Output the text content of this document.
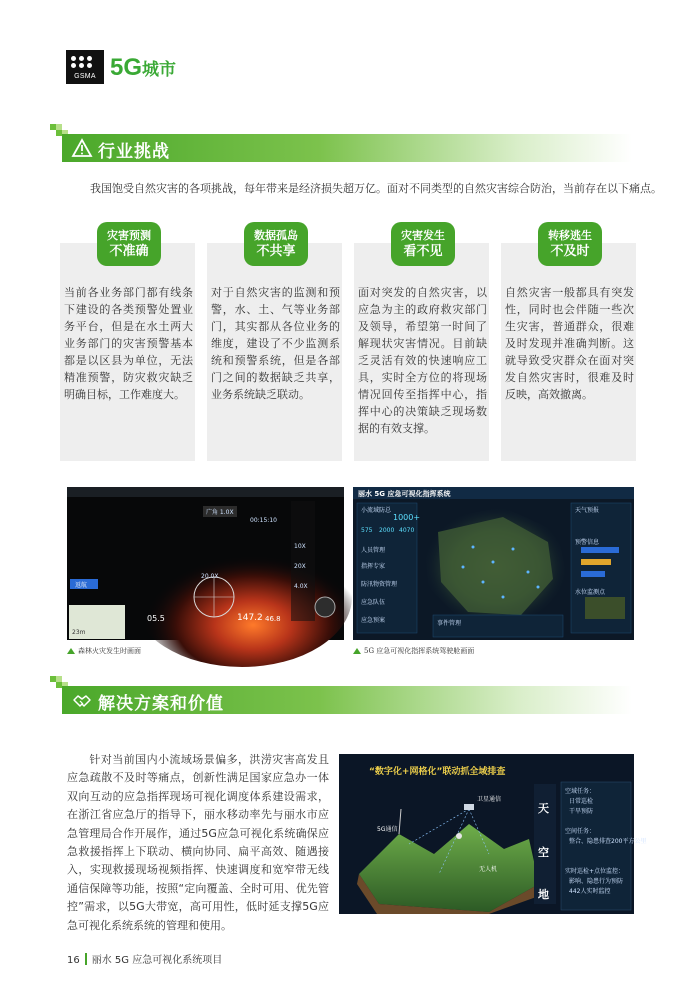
GSMA 5G城市
行业挑战
我国饱受自然灾害的各项挑战，每年带来是经济损失超万亿。面对不同类型的自然灾害综合防治，当前存在以下痛点。
灾害预测
不准确
数据孤岛
不共享
灾害发生
看不见
转移逃生
不及时
当前各业务部门都有线条下建设的各类预警处置业务平台，但是在水土两大业务部门的灾害预警基本都是以区县为单位，无法精准预警，防灾救灾缺乏明确目标，工作难度大。
对于自然灾害的监测和预警，水、土、气等业务部门，其实都从各位业务的维度，建设了不少监测系统和预警系统，但是各部门之间的数据缺乏共享，业务系统缺乏联动。
面对突发的自然灾害，以应急为主的政府救灾部门及领导，希望第一时间了解现状灾害情况。目前缺乏灵活有效的快速响应工具，实时全方位的将现场情况回传至指挥中心，指挥中心的决策缺乏现场数据的有效支撑。
自然灾害一般都具有突发性，同时也会伴随一些次生灾害，普通群众，很难及时发现并准确判断。这就导致受灾群众在面对突发自然灾害时，很难及时反映，高效撤离。
广角 1.0X
00:15:10
20.0X
10X
20X
4.0X
05.5	147.2 46.8
返航
23m
森林火灾发生时画面
丽水 5G 应急可视化指挥系统
小流域防总
1000+
575 2000 4070
人员管理
指挥专家
防汛物资管理
应急队伍
应急预案
天气预报
预警信息
水位监测点
事件管理
5G 应急可视化指挥系统驾驶舱画面
解决方案和价值
针对当前国内小流域场景偏多，洪涝灾害高发且应急疏散不及时等痛点，创新性满足国家应急办一体双向互动的应急指挥现场可视化调度体系建设需求，在浙江省应急厅的指导下，丽水移动率先与丽水市应急管理局合作开展作，通过5G应急可视化系统确保应急救援指挥上下联动、横向协同、扁平高效、随遇接入，实现救援现场视频指挥、快速调度和宽窄带无线通信保障等功能，按照“定向覆盖、全时可用、优先管控”需求，以5G大带宽，高可用性，低时延支撑5G应急可视化系统系统的管理和使用。
“数字化+网格化”联动抓全域排查
天
空
地
5G通信
卫星通信
无人机
空域任务：
日常巡检
干旱预防
空间任务：
整合、隐患排查200平方公里
实时巡检+点位监控：
影响、隐患行为预防
442人实时监控
16 丽水 5G 应急可视化系统项目
